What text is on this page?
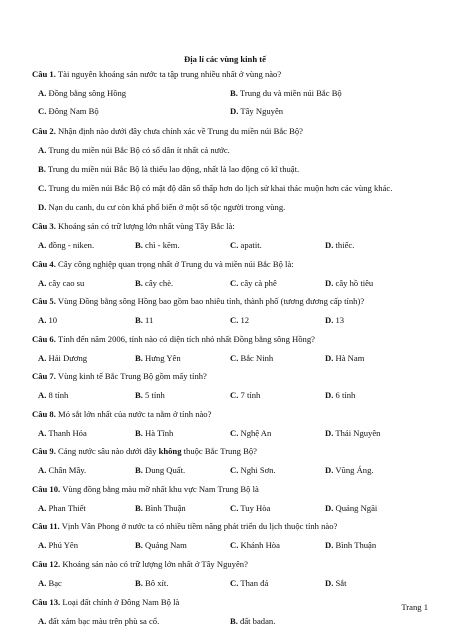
Địa lí các vùng kinh tế
Câu 1. Tài nguyên khoáng sản nước ta tập trung nhiều nhất ở vùng nào?
A. Đồng bằng sông Hồng	B. Trung du và miền núi Bắc Bộ
C. Đông Nam Bộ	D. Tây Nguyên
Câu 2. Nhận định nào dưới đây chưa chính xác về Trung du miền núi Bắc Bộ?
A. Trung du miền núi Bắc Bộ có số dân ít nhất cả nước.
B. Trung du miền núi Bắc Bộ là thiếu lao động, nhất là lao động có kĩ thuật.
C. Trung du miền núi Bắc Bộ có mật độ dân số thấp hơn do lịch sử khai thác muộn hơn các vùng khác.
D. Nạn du canh, du cư còn khá phổ biến ở một số tộc người trong vùng.
Câu 3. Khoáng sản có trữ lượng lớn nhất vùng Tây Bắc là:
A. đồng - niken.	B. chì - kẽm.	C. apatit.	D. thiếc.
Câu 4. Cây công nghiệp quan trọng nhất ở Trung du và miền núi Bắc Bộ là:
A. cây cao su	B. cây chè.	C. cây cà phê	D. cây hồ tiêu
Câu 5. Vùng Đồng bằng sông Hồng bao gồm bao nhiêu tỉnh, thành phố (tương đương cấp tỉnh)?
A. 10	B. 11	C. 12	D. 13
Câu 6. Tính đến năm 2006, tỉnh nào có diện tích nhỏ nhất Đồng bằng sông Hồng?
A. Hải Dương	B. Hưng Yên	C. Bắc Ninh	D. Hà Nam
Câu 7. Vùng kinh tế Bắc Trung Bộ gồm mấy tỉnh?
A. 8 tỉnh	B. 5 tỉnh	C. 7 tỉnh	D. 6 tỉnh
Câu 8. Mỏ sắt lớn nhất của nước ta nằm ở tỉnh nào?
A. Thanh Hóa	B. Hà Tĩnh	C. Nghệ An	D. Thái Nguyên
Câu 9. Cảng nước sâu nào dưới đây không thuộc Bắc Trung Bộ?
A. Chân Mây.	B. Dung Quất.	C. Nghi Sơn.	D. Vũng Áng.
Câu 10. Vùng đồng bằng màu mỡ nhất khu vực Nam Trung Bộ là
A. Phan Thiết	B. Bình Thuận	C. Tuy Hòa	D. Quảng Ngãi
Câu 11. Vịnh Vân Phong ở nước ta có nhiều tiềm năng phát triển du lịch thuộc tỉnh nào?
A. Phú Yên	B. Quảng Nam	C. Khánh Hòa	D. Bình Thuận
Câu 12. Khoáng sản nào có trữ lượng lớn nhất ở Tây Nguyên?
A. Bạc	B. Bô xít.	C. Than đá	D. Sắt
Câu 13. Loại đất chính ở Đông Nam Bộ là
A. đất xám bạc màu trên phù sa cổ.	B. đất badan.
Trang 1
